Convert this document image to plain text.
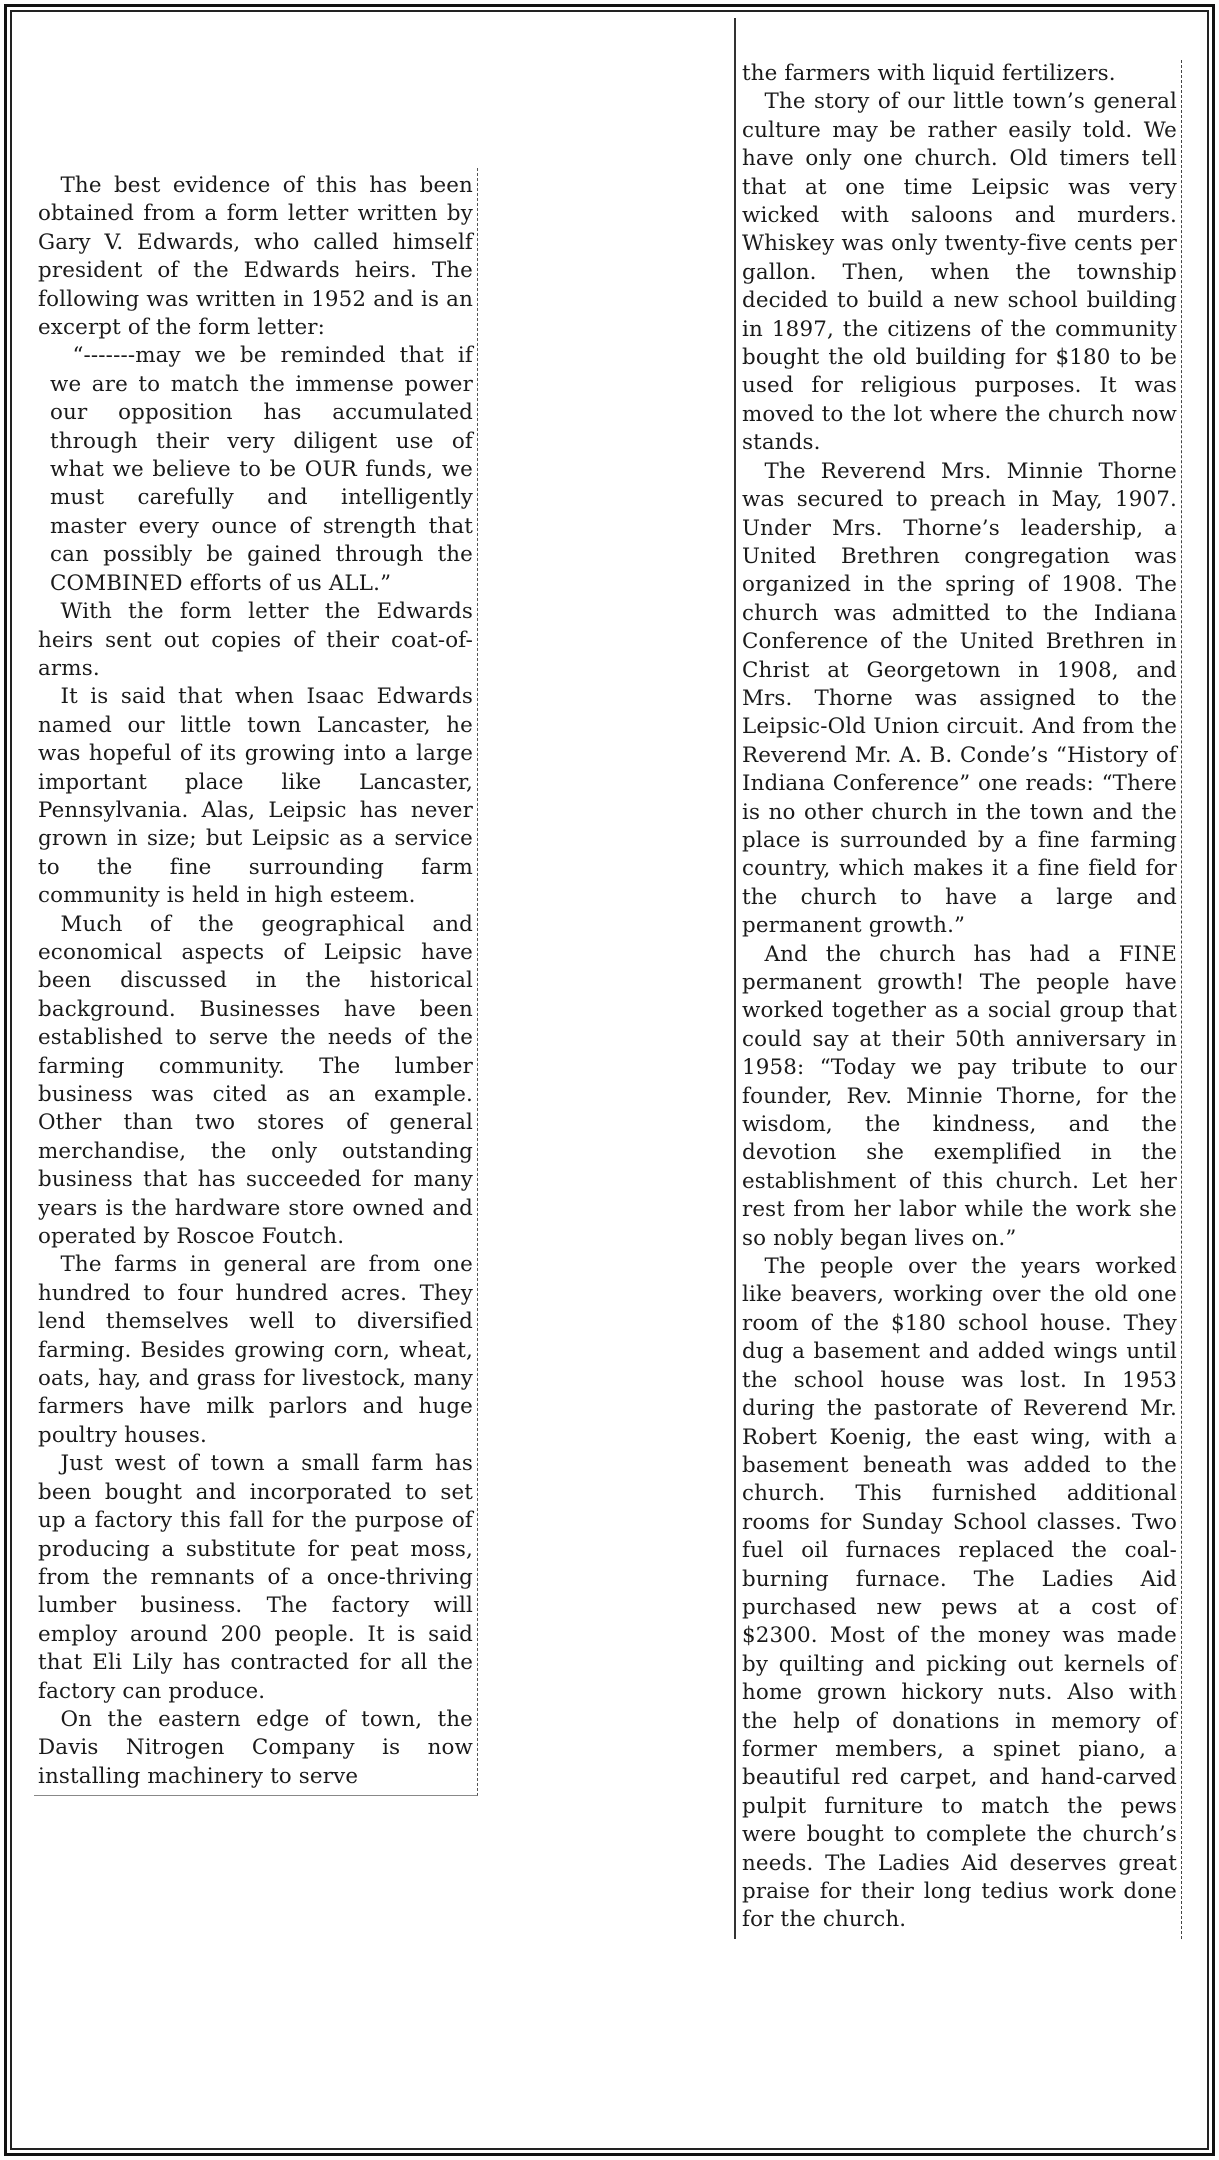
The best evidence of this has been obtained from a form letter written by Gary V. Edwards, who called himself president of the Edwards heirs. The following was written in 1952 and is an excerpt of the form letter:

“-------may we be reminded that if we are to match the immense power our opposition has accumulated through their very diligent use of what we believe to be OUR funds, we must carefully and intelligently master every ounce of strength that can possibly be gained through the COMBINED efforts of us ALL.”

With the form letter the Edwards heirs sent out copies of their coat-of-arms.

It is said that when Isaac Edwards named our little town Lancaster, he was hopeful of its growing into a large important place like Lancaster, Pennsylvania. Alas, Leipsic has never grown in size; but Leipsic as a service to the fine surrounding farm community is held in high esteem.

Much of the geographical and economical aspects of Leipsic have been discussed in the historical background. Businesses have been established to serve the needs of the farming community. The lumber business was cited as an example. Other than two stores of general merchandise, the only outstanding business that has succeeded for many years is the hardware store owned and operated by Roscoe Foutch.

The farms in general are from one hundred to four hundred acres. They lend themselves well to diversified farming. Besides growing corn, wheat, oats, hay, and grass for livestock, many farmers have milk parlors and huge poultry houses.

Just west of town a small farm has been bought and incorporated to set up a factory this fall for the purpose of producing a substitute for peat moss, from the remnants of a once-thriving lumber business. The factory will employ around 200 people. It is said that Eli Lily has contracted for all the factory can produce.

On the eastern edge of town, the Davis Nitrogen Company is now installing machinery to serve

the farmers with liquid fertilizers.

The story of our little town’s general culture may be rather easily told. We have only one church. Old timers tell that at one time Leipsic was very wicked with saloons and murders. Whiskey was only twenty-five cents per gallon. Then, when the township decided to build a new school building in 1897, the citizens of the community bought the old building for $180 to be used for religious purposes. It was moved to the lot where the church now stands.

The Reverend Mrs. Minnie Thorne was secured to preach in May, 1907. Under Mrs. Thorne’s leadership, a United Brethren congregation was organized in the spring of 1908. The church was admitted to the Indiana Conference of the United Brethren in Christ at Georgetown in 1908, and Mrs. Thorne was assigned to the Leipsic-Old Union circuit. And from the Reverend Mr. A. B. Conde’s “History of Indiana Conference” one reads: “There is no other church in the town and the place is surrounded by a fine farming country, which makes it a fine field for the church to have a large and permanent growth.”

And the church has had a FINE permanent growth! The people have worked together as a social group that could say at their 50th anniversary in 1958: “Today we pay tribute to our founder, Rev. Minnie Thorne, for the wisdom, the kindness, and the devotion she exemplified in the establishment of this church. Let her rest from her labor while the work she so nobly began lives on.”

The people over the years worked like beavers, working over the old one room of the $180 school house. They dug a basement and added wings until the school house was lost. In 1953 during the pastorate of Reverend Mr. Robert Koenig, the east wing, with a basement beneath was added to the church. This furnished additional rooms for Sunday School classes. Two fuel oil furnaces replaced the coal-burning furnace. The Ladies Aid purchased new pews at a cost of $2300. Most of the money was made by quilting and picking out kernels of home grown hickory nuts. Also with the help of donations in memory of former members, a spinet piano, a beautiful red carpet, and hand-carved pulpit furniture to match the pews were bought to complete the church’s needs. The Ladies Aid deserves great praise for their long tedius work done for the church.
